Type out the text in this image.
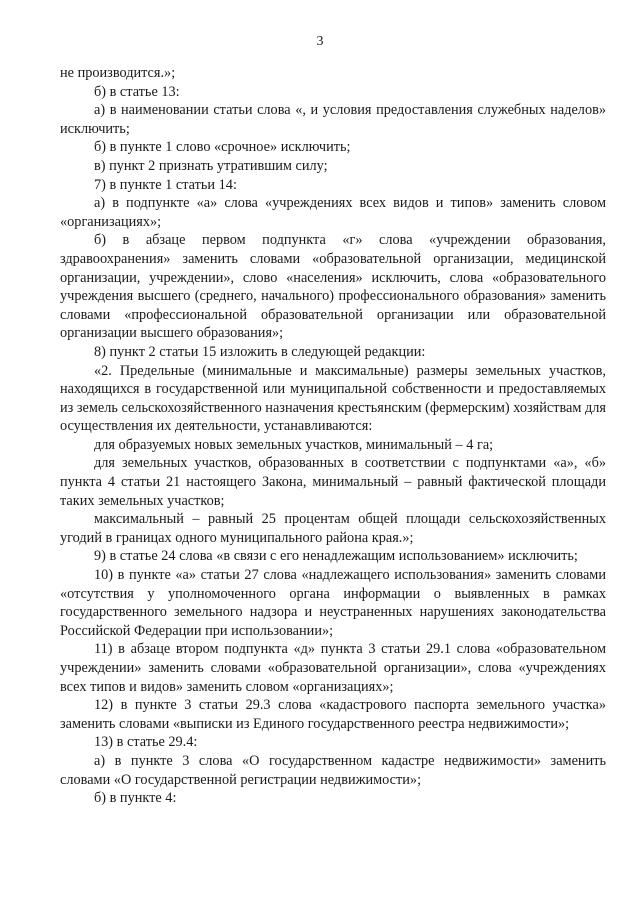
3

не производится.»;

б) в статье 13:

а) в наименовании статьи слова «, и условия предоставления служебных наделов» исключить;

б) в пункте 1 слово «срочное» исключить;

в) пункт 2 признать утратившим силу;

7) в пункте 1 статьи 14:

а) в подпункте «а» слова «учреждениях всех видов и типов» заменить словом «организациях»;

б) в абзаце первом подпункта «г» слова «учреждении образования, здравоохранения» заменить словами «образовательной организации, медицинской организации, учреждении», слово «населения» исключить, слова «образовательного учреждения высшего (среднего, начального) профессионального образования» заменить словами «профессиональной образовательной организации или образовательной организации высшего образования»;

8) пункт 2 статьи 15 изложить в следующей редакции:

«2. Предельные (минимальные и максимальные) размеры земельных участков, находящихся в государственной или муниципальной собственности и предоставляемых из земель сельскохозяйственного назначения крестьянским (фермерским) хозяйствам для осуществления их деятельности, устанавливаются:

для образуемых новых земельных участков, минимальный – 4 га;

для земельных участков, образованных в соответствии с подпунктами «а», «б» пункта 4 статьи 21 настоящего Закона, минимальный – равный фактической площади таких земельных участков;

максимальный – равный 25 процентам общей площади сельскохозяйственных угодий в границах одного муниципального района края.»;

9) в статье 24 слова «в связи с его ненадлежащим использованием» исключить;

10) в пункте «а» статьи 27 слова «надлежащего использования» заменить словами «отсутствия у уполномоченного органа информации о выявленных в рамках государственного земельного надзора и неустраненных нарушениях законодательства Российской Федерации при использовании»;

11) в абзаце втором подпункта «д» пункта 3 статьи 29.1 слова «образовательном учреждении» заменить словами «образовательной организации», слова «учреждениях всех типов и видов» заменить словом «организациях»;

12) в пункте 3 статьи 29.3 слова «кадастрового паспорта земельного участка» заменить словами «выписки из Единого государственного реестра недвижимости»;

13) в статье 29.4:

а) в пункте 3 слова «О государственном кадастре недвижимости» заменить словами «О государственной регистрации недвижимости»;

б) в пункте 4:
